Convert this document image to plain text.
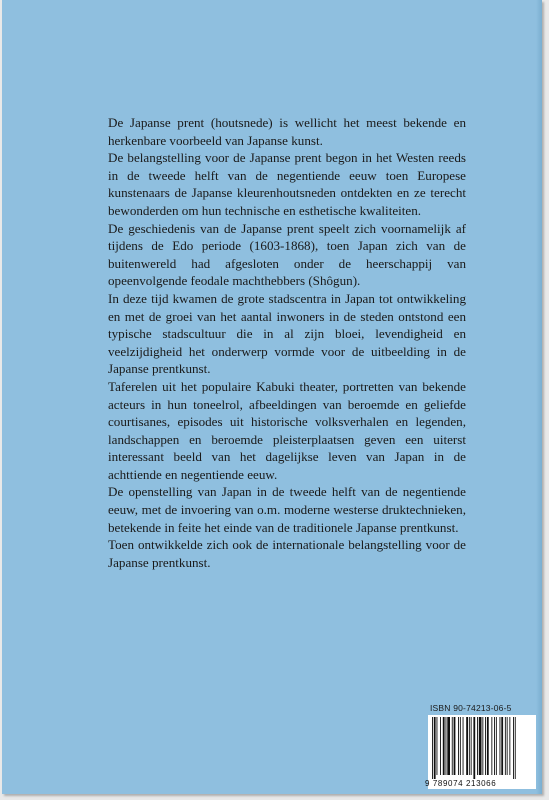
De Japanse prent (houtsnede) is wellicht het meest bekende en herkenbare voorbeeld van Japanse kunst.

De belangstelling voor de Japanse prent begon in het Westen reeds in de tweede helft van de negentiende eeuw toen Europese kunstenaars de Japanse kleurenhoutsneden ontdekten en ze terecht bewonderden om hun technische en esthetische kwaliteiten.

De geschiedenis van de Japanse prent speelt zich voornamelijk af tijdens de Edo periode (1603-1868), toen Japan zich van de buitenwereld had afgesloten onder de heerschappij van opeenvolgende feodale machthebbers (Shôgun).

In deze tijd kwamen de grote stadscentra in Japan tot ontwikkeling en met de groei van het aantal inwoners in de steden ontstond een typische stadscultuur die in al zijn bloei, levendigheid en veelzijdigheid het onderwerp vormde voor de uitbeelding in de Japanse prentkunst.

Taferelen uit het populaire Kabuki theater, portretten van bekende acteurs in hun toneelrol, afbeeldingen van beroemde en geliefde courtisanes, episodes uit historische volksverhalen en legenden, landschappen en beroemde pleisterplaatsen geven een uiterst interessant beeld van het dagelijkse leven van Japan in de achttiende en negentiende eeuw.

De openstelling van Japan in de tweede helft van de negentiende eeuw, met de invoering van o.m. moderne westerse druktechnieken, betekende in feite het einde van de traditionele Japanse prentkunst.

Toen ontwikkelde zich ook de internationale belangstelling voor de Japanse prentkunst.

ISBN 90-74213-06-5
9 789074 213066
